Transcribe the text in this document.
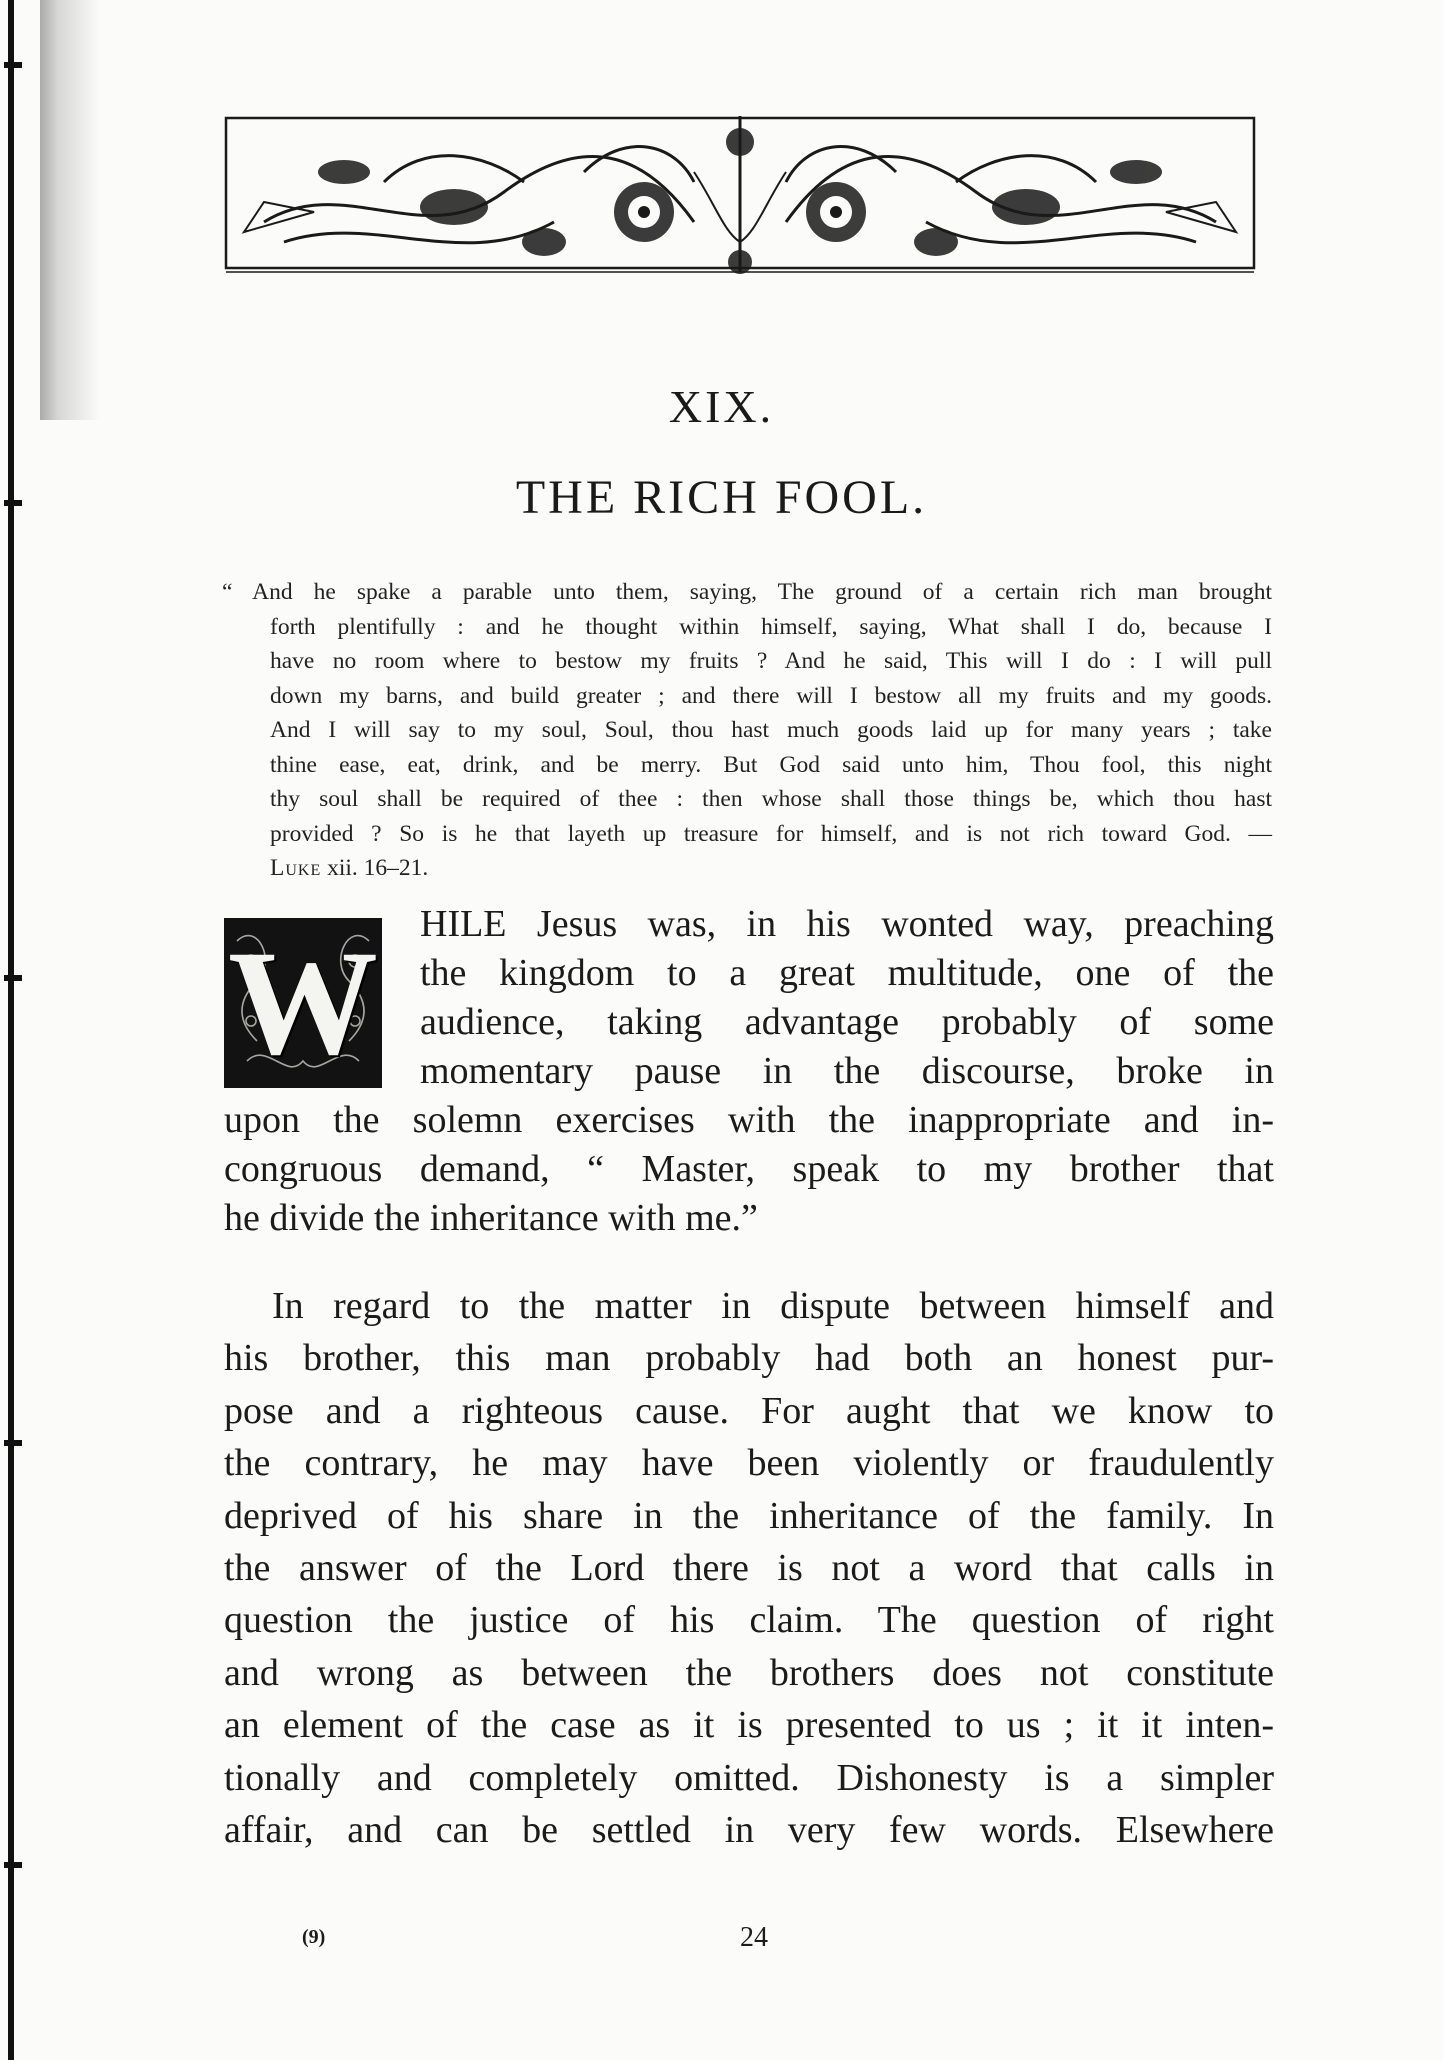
XIX.
THE RICH FOOL.
“ And he spake a parable unto them, saying, The ground of a certain rich man brought
forth plentifully : and he thought within himself, saying, What shall I do, because I
have no room where to bestow my fruits ? And he said, This will I do : I will pull
down my barns, and build greater ; and there will I bestow all my fruits and my goods.
And I will say to my soul, Soul, thou hast much goods laid up for many years ; take
thine ease, eat, drink, and be merry. But God said unto him, Thou fool, this night
thy soul shall be required of thee : then whose shall those things be, which thou hast
provided ? So is he that layeth up treasure for himself, and is not rich toward God. —
Luke xii. 16–21.
W	HILE Jesus was, in his wonted way, preaching
the kingdom to a great multitude, one of the
audience, taking advantage probably of some
momentary pause in the discourse, broke in
upon the solemn exercises with the inappropriate and in-
congruous demand, “ Master, speak to my brother that
he divide the inheritance with me.”
In regard to the matter in dispute between himself and
his brother, this man probably had both an honest pur-
pose and a righteous cause. For aught that we know to
the contrary, he may have been violently or fraudulently
deprived of his share in the inheritance of the family. In
the answer of the Lord there is not a word that calls in
question the justice of his claim. The question of right
and wrong as between the brothers does not constitute
an element of the case as it is presented to us ; it it inten-
tionally and completely omitted. Dishonesty is a simpler
affair, and can be settled in very few words. Elsewhere
(9)	24
